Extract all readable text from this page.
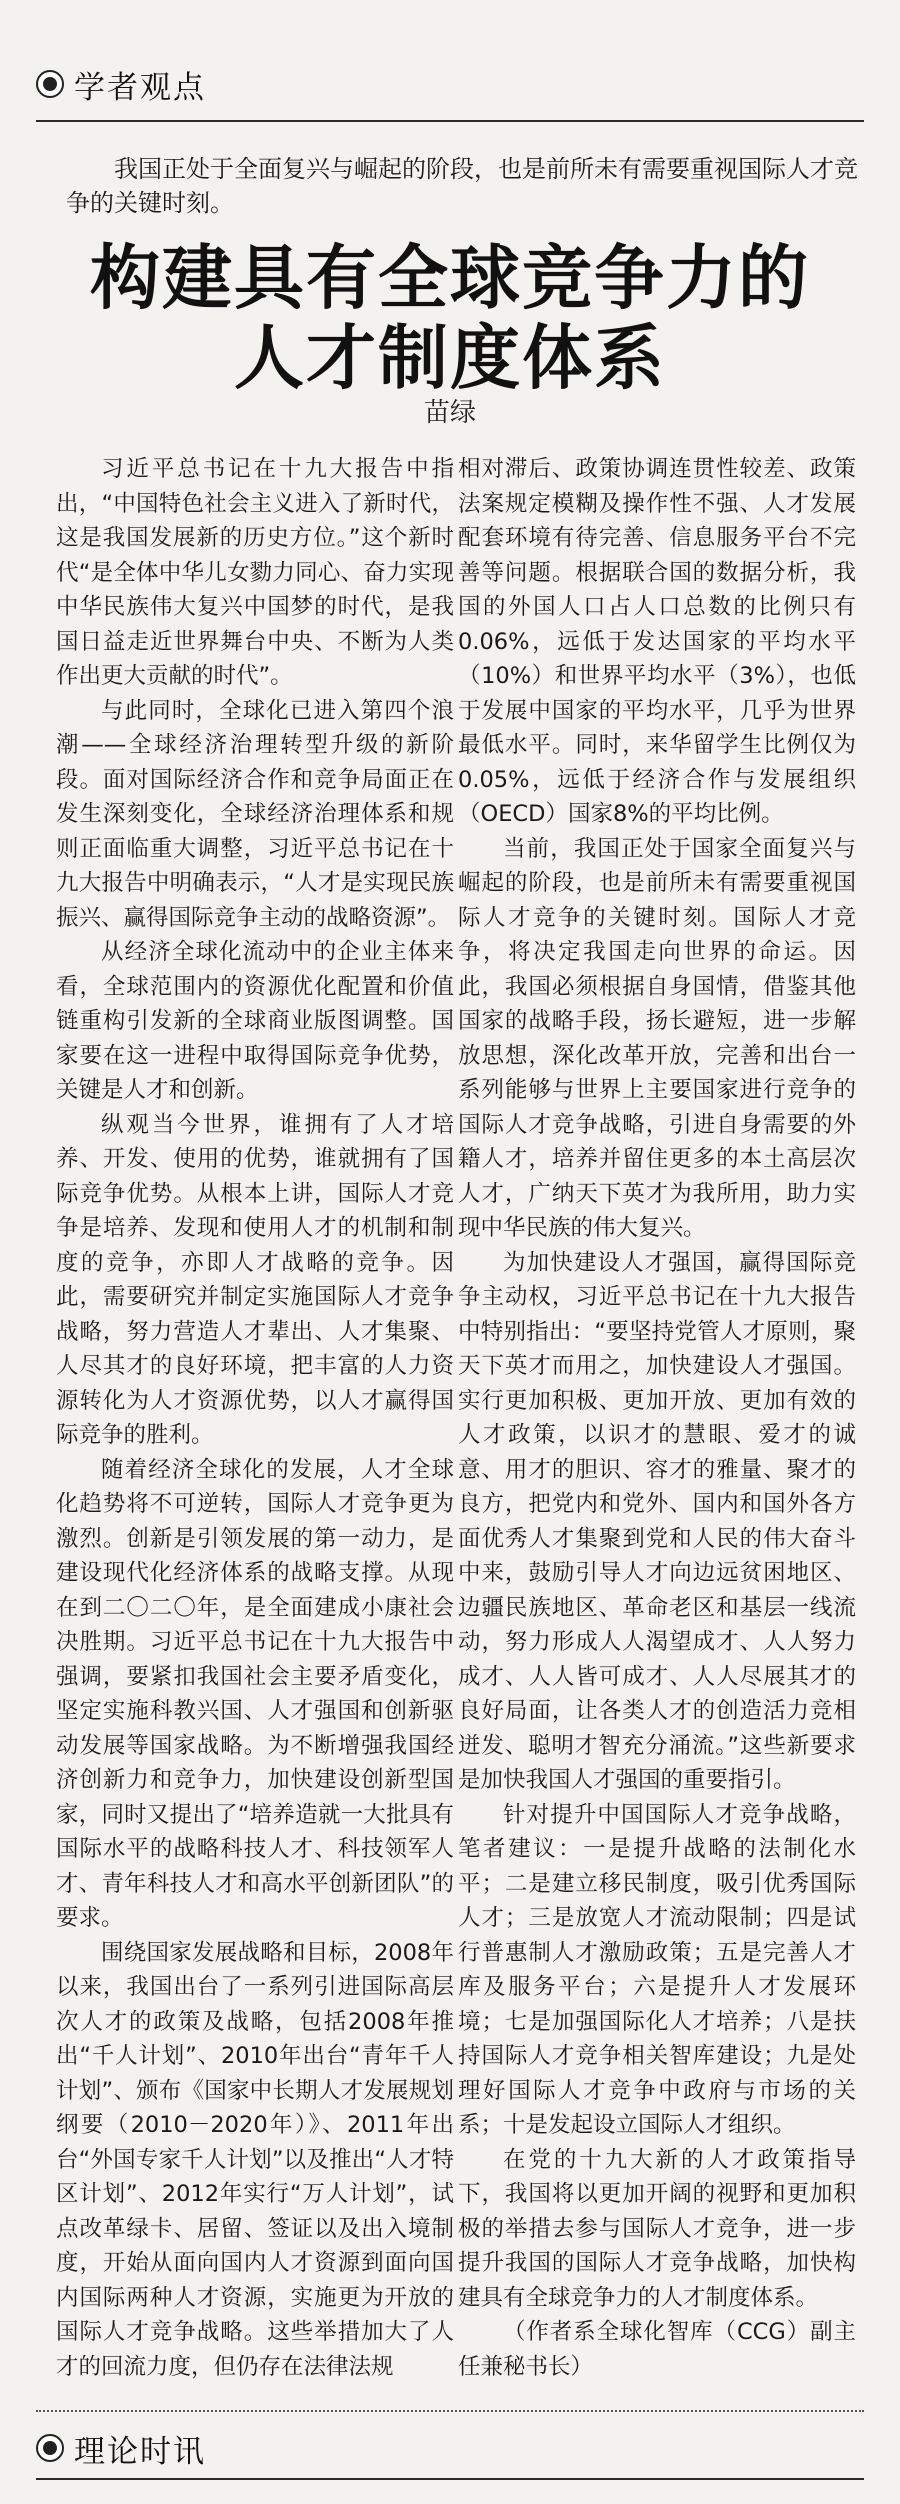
学者观点

我国正处于全面复兴与崛起的阶段，也是前所未有需要重视国际人才竞争的关键时刻。

构建具有全球竞争力的
人才制度体系
苗绿

习近平总书记在十九大报告中指出，“中国特色社会主义进入了新时代，这是我国发展新的历史方位。”这个新时代“是全体中华儿女勠力同心、奋力实现中华民族伟大复兴中国梦的时代，是我国日益走近世界舞台中央、不断为人类作出更大贡献的时代”。

与此同时，全球化已进入第四个浪潮——全球经济治理转型升级的新阶段。面对国际经济合作和竞争局面正在发生深刻变化，全球经济治理体系和规则正面临重大调整，习近平总书记在十九大报告中明确表示，“人才是实现民族振兴、赢得国际竞争主动的战略资源”。

从经济全球化流动中的企业主体来看，全球范围内的资源优化配置和价值链重构引发新的全球商业版图调整。国家要在这一进程中取得国际竞争优势，关键是人才和创新。

纵观当今世界，谁拥有了人才培养、开发、使用的优势，谁就拥有了国际竞争优势。从根本上讲，国际人才竞争是培养、发现和使用人才的机制和制度的竞争，亦即人才战略的竞争。因此，需要研究并制定实施国际人才竞争战略，努力营造人才辈出、人才集聚、人尽其才的良好环境，把丰富的人力资源转化为人才资源优势，以人才赢得国际竞争的胜利。

随着经济全球化的发展，人才全球化趋势将不可逆转，国际人才竞争更为激烈。创新是引领发展的第一动力，是建设现代化经济体系的战略支撑。从现在到二〇二〇年，是全面建成小康社会决胜期。习近平总书记在十九大报告中强调，要紧扣我国社会主要矛盾变化，坚定实施科教兴国、人才强国和创新驱动发展等国家战略。为不断增强我国经济创新力和竞争力，加快建设创新型国家，同时又提出了“培养造就一大批具有国际水平的战略科技人才、科技领军人才、青年科技人才和高水平创新团队”的要求。

围绕国家发展战略和目标，2008年以来，我国出台了一系列引进国际高层次人才的政策及战略，包括2008年推出“千人计划”、2010年出台“青年千人计划”、颁布《国家中长期人才发展规划纲要（2010－2020年）》、2011年出台“外国专家千人计划”以及推出“人才特区计划”、2012年实行“万人计划”，试点改革绿卡、居留、签证以及出入境制度，开始从面向国内人才资源到面向国内国际两种人才资源，实施更为开放的国际人才竞争战略。这些举措加大了人才的回流力度，但仍存在法律法规

相对滞后、政策协调连贯性较差、政策法案规定模糊及操作性不强、人才发展配套环境有待完善、信息服务平台不完善等问题。根据联合国的数据分析，我国的外国人口占人口总数的比例只有0.06%，远低于发达国家的平均水平（10%）和世界平均水平（3%），也低于发展中国家的平均水平，几乎为世界最低水平。同时，来华留学生比例仅为0.05%，远低于经济合作与发展组织（OECD）国家8%的平均比例。

当前，我国正处于国家全面复兴与崛起的阶段，也是前所未有需要重视国际人才竞争的关键时刻。国际人才竞争，将决定我国走向世界的命运。因此，我国必须根据自身国情，借鉴其他国家的战略手段，扬长避短，进一步解放思想，深化改革开放，完善和出台一系列能够与世界上主要国家进行竞争的国际人才竞争战略，引进自身需要的外籍人才，培养并留住更多的本土高层次人才，广纳天下英才为我所用，助力实现中华民族的伟大复兴。

为加快建设人才强国，赢得国际竞争主动权，习近平总书记在十九大报告中特别指出：“要坚持党管人才原则，聚天下英才而用之，加快建设人才强国。实行更加积极、更加开放、更加有效的人才政策，以识才的慧眼、爱才的诚意、用才的胆识、容才的雅量、聚才的良方，把党内和党外、国内和国外各方面优秀人才集聚到党和人民的伟大奋斗中来，鼓励引导人才向边远贫困地区、边疆民族地区、革命老区和基层一线流动，努力形成人人渴望成才、人人努力成才、人人皆可成才、人人尽展其才的良好局面，让各类人才的创造活力竞相迸发、聪明才智充分涌流。”这些新要求是加快我国人才强国的重要指引。

针对提升中国国际人才竞争战略，笔者建议：一是提升战略的法制化水平；二是建立移民制度，吸引优秀国际人才；三是放宽人才流动限制；四是试行普惠制人才激励政策；五是完善人才库及服务平台；六是提升人才发展环境；七是加强国际化人才培养；八是扶持国际人才竞争相关智库建设；九是处理好国际人才竞争中政府与市场的关系；十是发起设立国际人才组织。

在党的十九大新的人才政策指导下，我国将以更加开阔的视野和更加积极的举措去参与国际人才竞争，进一步提升我国的国际人才竞争战略，加快构建具有全球竞争力的人才制度体系。

（作者系全球化智库（CCG）副主任兼秘书长）

理论时讯
